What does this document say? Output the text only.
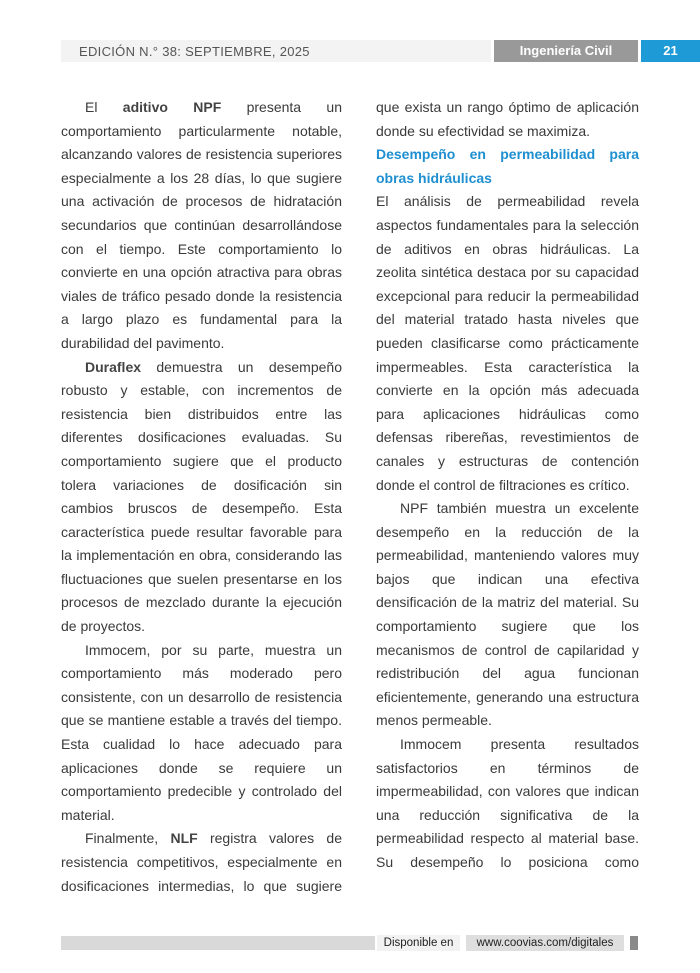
EDICIÓN N.° 38: SEPTIEMBRE, 2025	Ingeniería Civil	21

El aditivo NPF presenta un comportamiento particularmente notable, alcanzando valores de resistencia superiores especialmente a los 28 días, lo que sugiere una activación de procesos de hidratación secundarios que continúan desarrollándose con el tiempo. Este comportamiento lo convierte en una opción atractiva para obras viales de tráfico pesado donde la resistencia a largo plazo es fundamental para la durabilidad del pavimento.

Duraflex demuestra un desempeño robusto y estable, con incrementos de resistencia bien distribuidos entre las diferentes dosificaciones evaluadas. Su comportamiento sugiere que el producto tolera variaciones de dosificación sin cambios bruscos de desempeño. Esta característica puede resultar favorable para la implementación en obra, considerando las fluctuaciones que suelen presentarse en los procesos de mezclado durante la ejecución de proyectos.

Immocem, por su parte, muestra un comportamiento más moderado pero consistente, con un desarrollo de resistencia que se mantiene estable a través del tiempo. Esta cualidad lo hace adecuado para aplicaciones donde se requiere un comportamiento predecible y controlado del material.

Finalmente, NLF registra valores de resistencia competitivos, especialmente en dosificaciones intermedias, lo que sugiere

que exista un rango óptimo de aplicación donde su efectividad se maximiza.

Desempeño en permeabilidad para obras hidráulicas

El análisis de permeabilidad revela aspectos fundamentales para la selección de aditivos en obras hidráulicas. La zeolita sintética destaca por su capacidad excepcional para reducir la permeabilidad del material tratado hasta niveles que pueden clasificarse como prácticamente impermeables. Esta característica la convierte en la opción más adecuada para aplicaciones hidráulicas como defensas ribereñas, revestimientos de canales y estructuras de contención donde el control de filtraciones es crítico.

NPF también muestra un excelente desempeño en la reducción de la permeabilidad, manteniendo valores muy bajos que indican una efectiva densificación de la matriz del material. Su comportamiento sugiere que los mecanismos de control de capilaridad y redistribución del agua funcionan eficientemente, generando una estructura menos permeable.

Immocem presenta resultados satisfactorios en términos de impermeabilidad, con valores que indican una reducción significativa de la permeabilidad respecto al material base. Su desempeño lo posiciona como

Disponible en	www.coovias.com/digitales
